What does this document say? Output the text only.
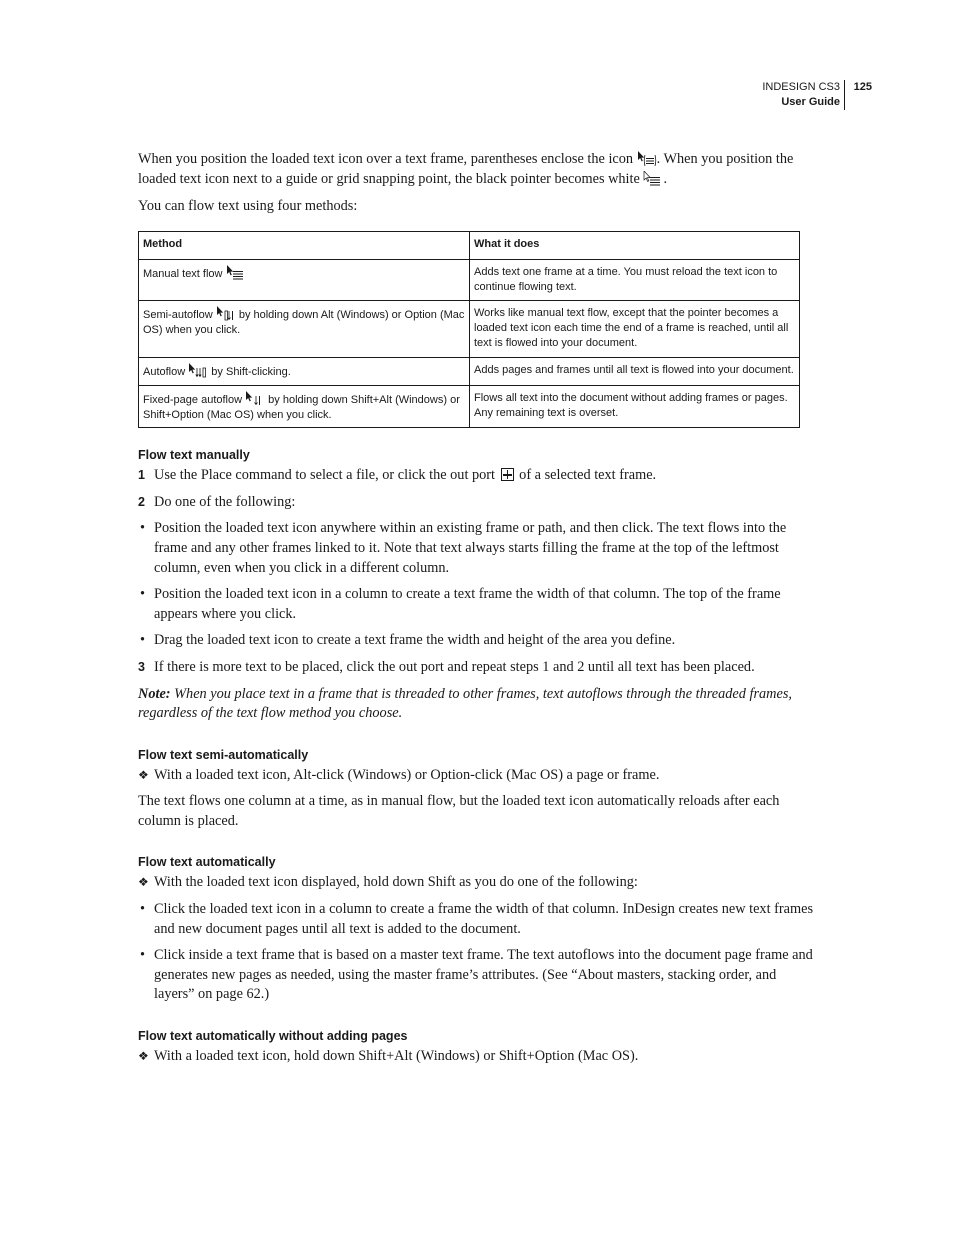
INDESIGN CS3
User Guide
125

When you position the loaded text icon over a text frame, parentheses enclose the icon . When you position the loaded text icon next to a guide or grid snapping point, the black pointer becomes white .

You can flow text using four methods:

Method	What it does
Manual text flow	Adds text one frame at a time. You must reload the text icon to continue flowing text.
Semi-autoflow  by holding down Alt (Windows) or Option (Mac OS) when you click.	Works like manual text flow, except that the pointer becomes a loaded text icon each time the end of a frame is reached, until all text is flowed into your document.
Autoflow  by Shift-clicking.	Adds pages and frames until all text is flowed into your document.
Fixed-page autoflow  by holding down Shift+Alt (Windows) or Shift+Option (Mac OS) when you click.	Flows all text into the document without adding frames or pages. Any remaining text is overset.
Flow text manually

1 Use the Place command to select a file, or click the out port  of a selected text frame.

2 Do one of the following:

• Position the loaded text icon anywhere within an existing frame or path, and then click. The text flows into the frame and any other frames linked to it. Note that text always starts filling the frame at the top of the leftmost column, even when you click in a different column.

• Position the loaded text icon in a column to create a text frame the width of that column. The top of the frame appears where you click.

• Drag the loaded text icon to create a text frame the width and height of the area you define.

3 If there is more text to be placed, click the out port and repeat steps 1 and 2 until all text has been placed.

Note: When you place text in a frame that is threaded to other frames, text autoflows through the threaded frames, regardless of the text flow method you choose.

Flow text semi-automatically

❖ With a loaded text icon, Alt-click (Windows) or Option-click (Mac OS) a page or frame.

The text flows one column at a time, as in manual flow, but the loaded text icon automatically reloads after each column is placed.

Flow text automatically

❖ With the loaded text icon displayed, hold down Shift as you do one of the following:

• Click the loaded text icon in a column to create a frame the width of that column. InDesign creates new text frames and new document pages until all text is added to the document.

• Click inside a text frame that is based on a master text frame. The text autoflows into the document page frame and generates new pages as needed, using the master frame’s attributes. (See “About masters, stacking order, and layers” on page 62.)

Flow text automatically without adding pages

❖ With a loaded text icon, hold down Shift+Alt (Windows) or Shift+Option (Mac OS).
